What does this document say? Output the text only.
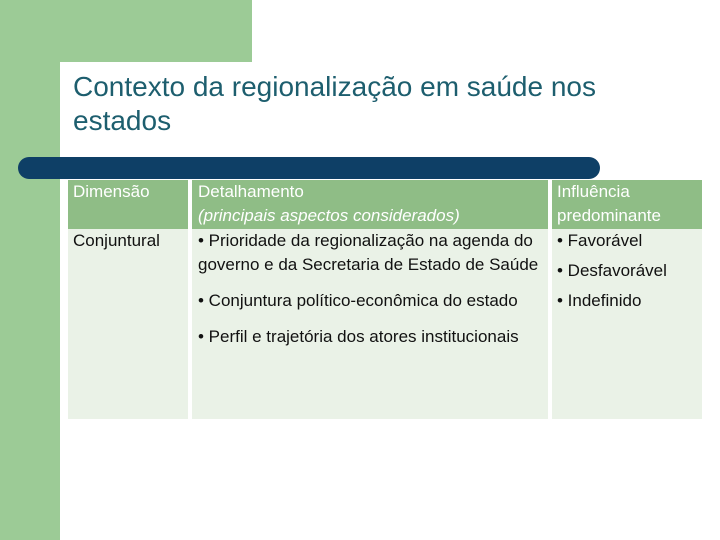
Contexto da regionalização em saúde nos estados
Dimensão	Detalhamento
(principais aspectos considerados)
Influência
predominante
Conjuntural	• Prioridade da regionalização na agenda do governo e da Secretaria de Estado de Saúde

• Conjuntura político-econômica do estado

• Perfil e trajetória dos atores institucionais

• Favorável
• Desfavorável
• Indefinido
